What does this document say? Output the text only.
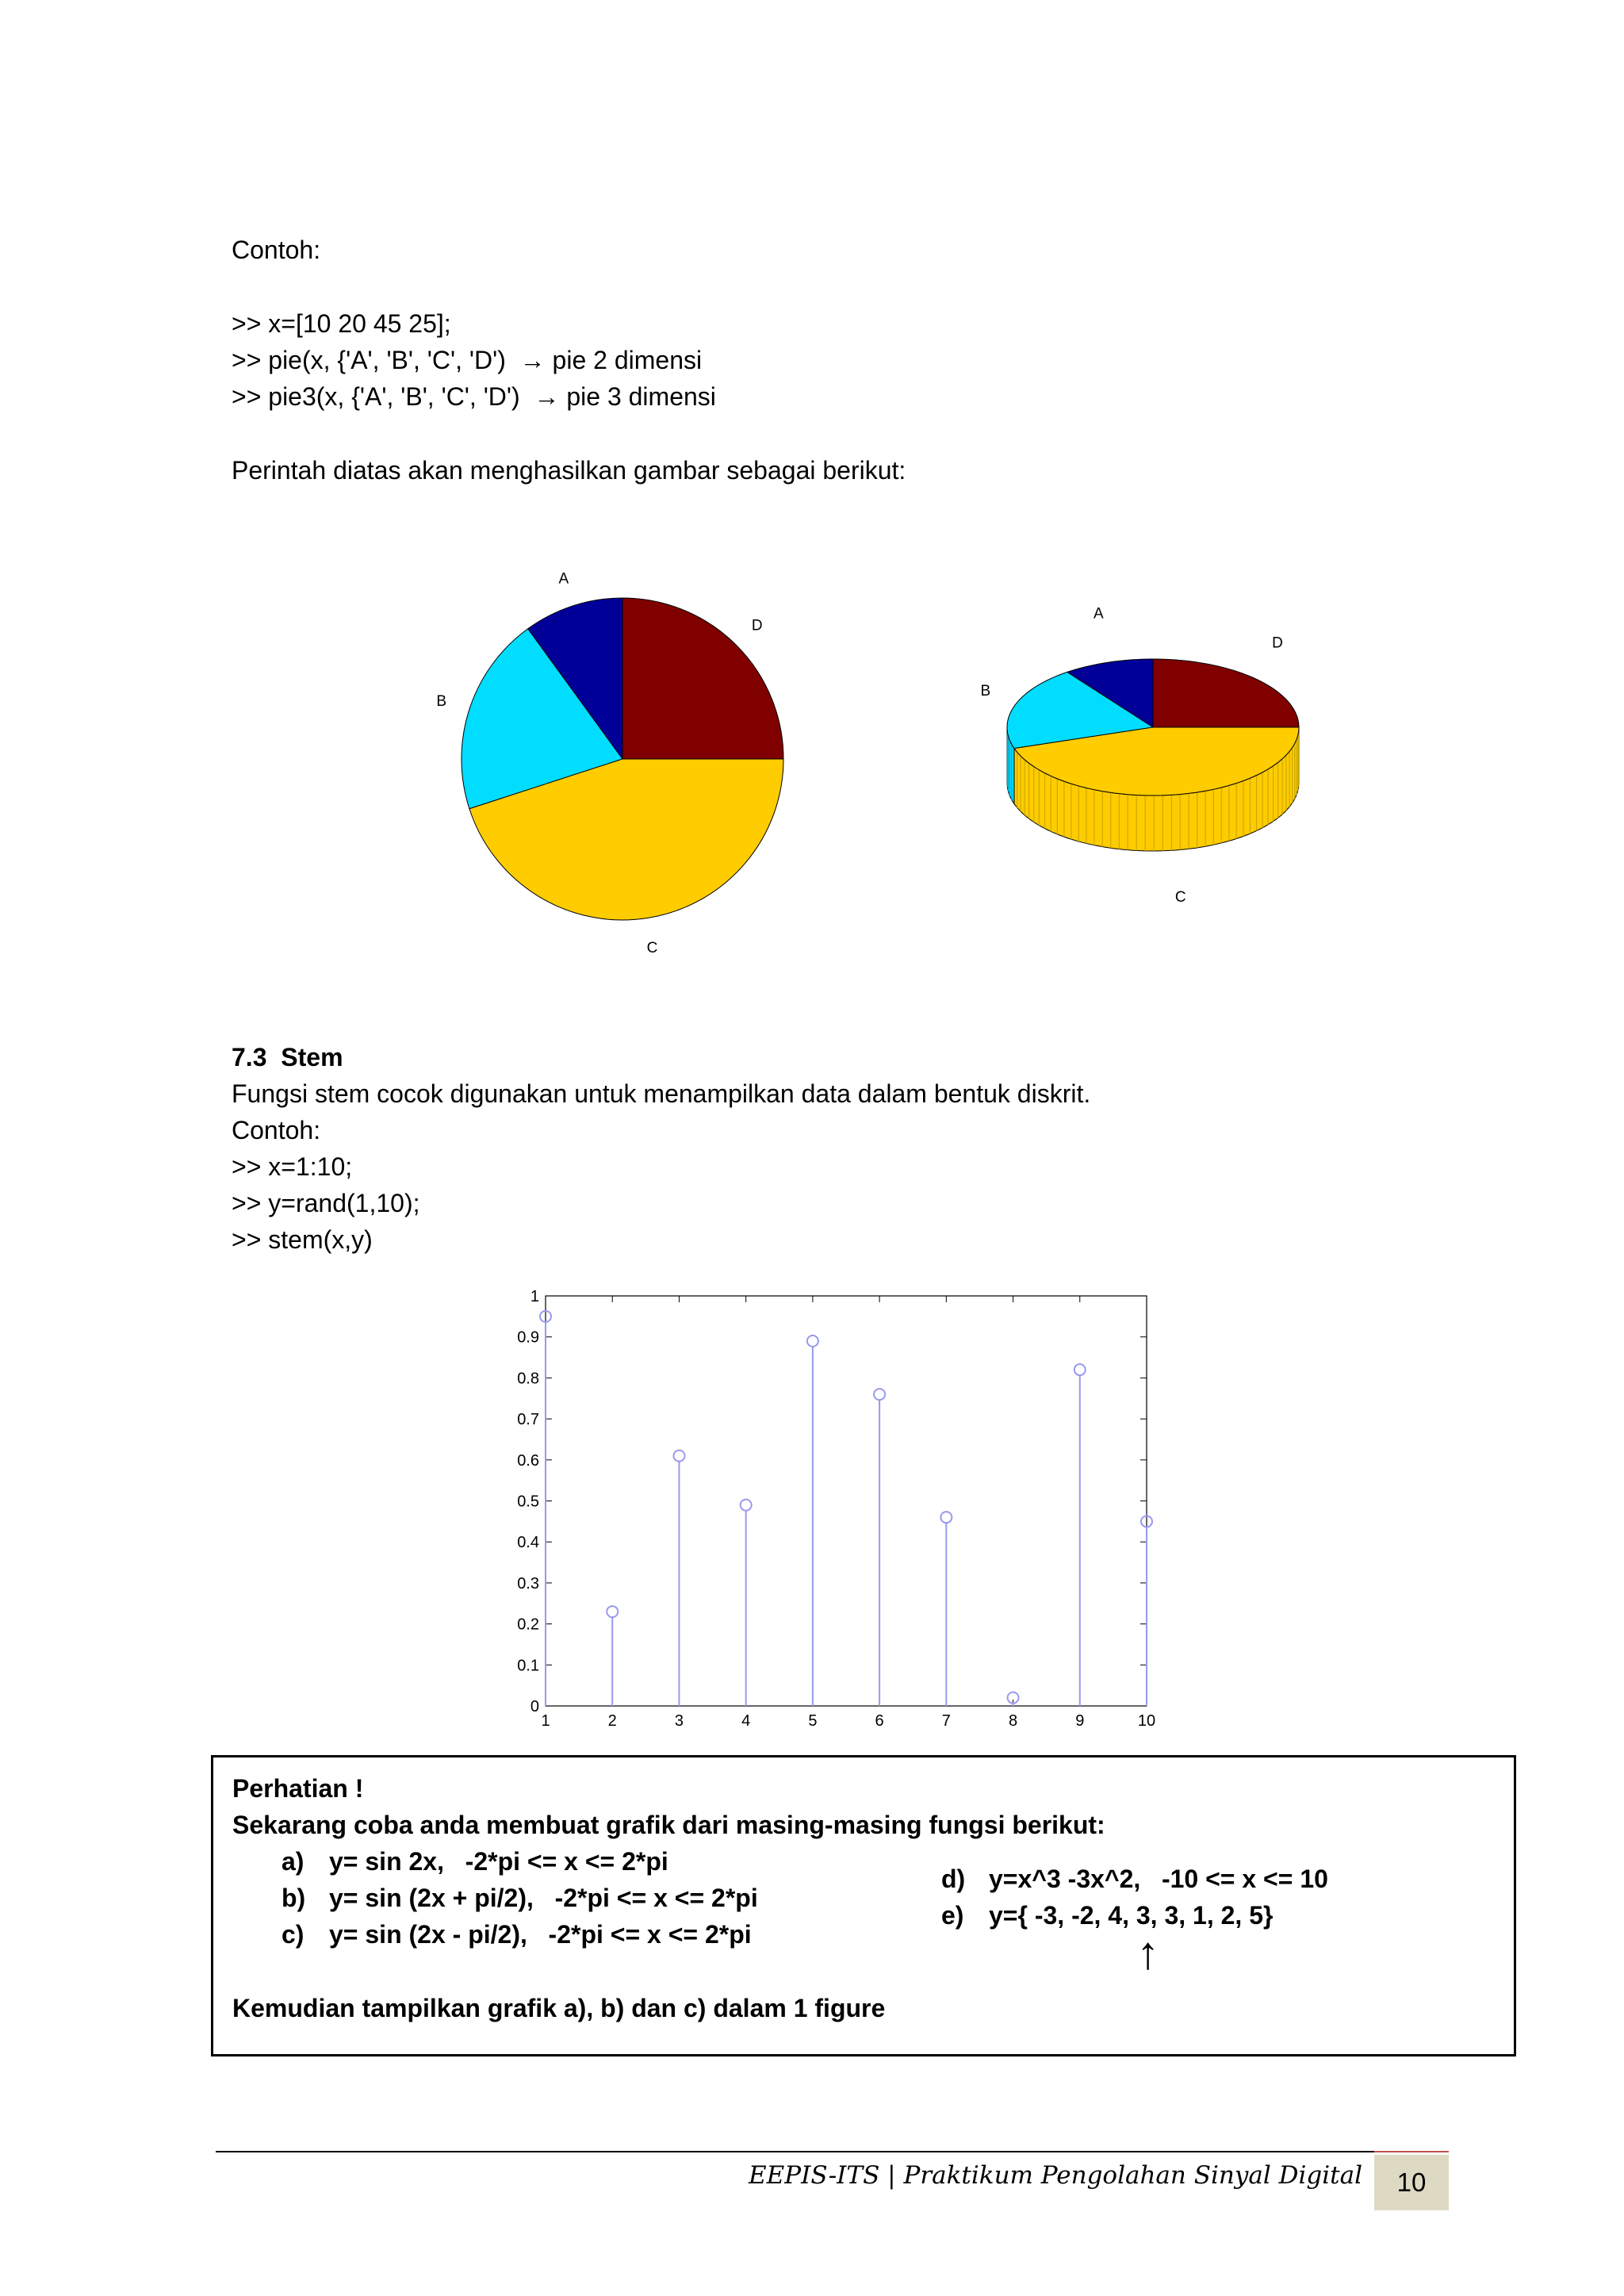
Contoh:
>> x=[10 20 45 25];
>> pie(x, {'A', 'B', 'C', 'D')  → pie 2 dimensi
>> pie3(x, {'A', 'B', 'C', 'D')  → pie 3 dimensi
Perintah diatas akan menghasilkan gambar sebagai berikut:
A
B
C
D
A
B
C
D
7.3  Stem
Fungsi stem cocok digunakan untuk menampilkan data dalam bentuk diskrit.
Contoh:
>> x=1:10;
>> y=rand(1,10);
>> stem(x,y)
0
0.1
0.2
0.3
0.4
0.5
0.6
0.7
0.8
0.9
1
1	2	3	4	5	6	7	8	9	10
Perhatian !
Sekarang coba anda membuat grafik dari masing-masing fungsi berikut:
a) y= sin 2x,   -2*pi <= x <= 2*pi
b) y= sin (2x + pi/2),   -2*pi <= x <= 2*pi
c) y= sin (2x - pi/2),   -2*pi <= x <= 2*pi
d) y=x^3 -3x^2,   -10 <= x <= 10
e) y={ -3, -2, 4, 3, 3, 1, 2, 5}
↑
Kemudian tampilkan grafik a), b) dan c) dalam 1 figure
EEPIS-ITS | Praktikum Pengolahan Sinyal Digital	10
